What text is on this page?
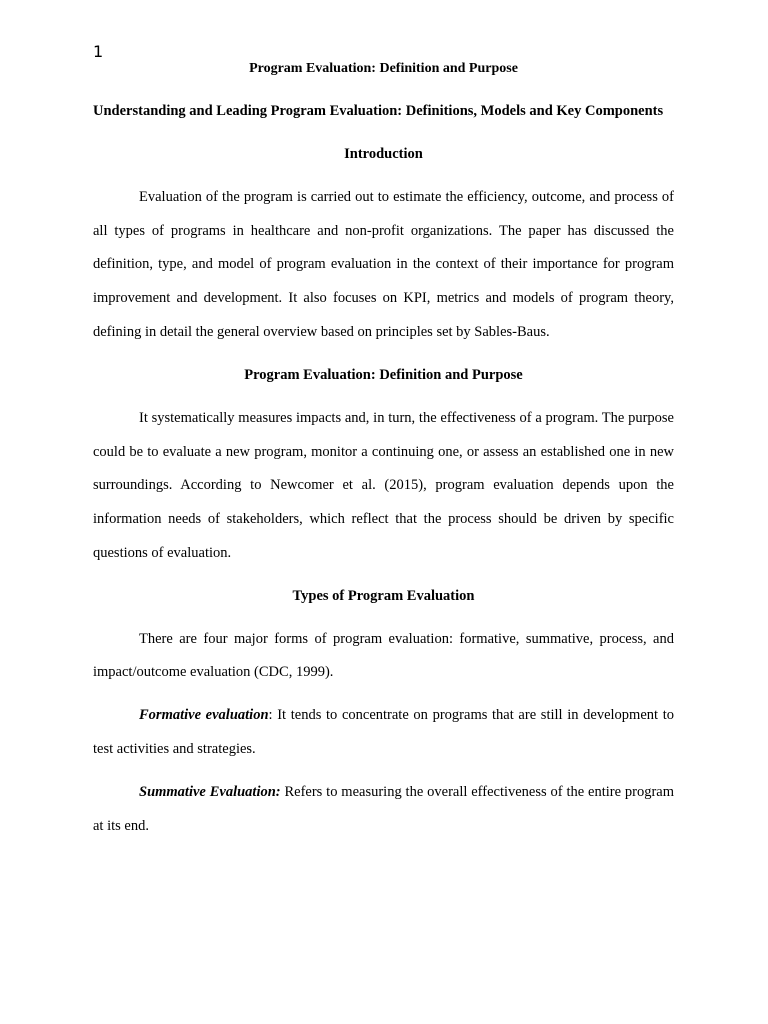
1
Program Evaluation: Definition and Purpose

Understanding and Leading Program Evaluation: Definitions, Models and Key Components

Introduction

Evaluation of the program is carried out to estimate the efficiency, outcome, and process of all types of programs in healthcare and non-profit organizations. The paper has discussed the definition, type, and model of program evaluation in the context of their importance for program improvement and development. It also focuses on KPI, metrics and models of program theory, defining in detail the general overview based on principles set by Sables-Baus.

Program Evaluation: Definition and Purpose

It systematically measures impacts and, in turn, the effectiveness of a program. The purpose could be to evaluate a new program, monitor a continuing one, or assess an established one in new surroundings. According to Newcomer et al. (2015), program evaluation depends upon the information needs of stakeholders, which reflect that the process should be driven by specific questions of evaluation.

Types of Program Evaluation

There are four major forms of program evaluation: formative, summative, process, and impact/outcome evaluation (CDC, 1999).

Formative evaluation: It tends to concentrate on programs that are still in development to test activities and strategies.

Summative Evaluation: Refers to measuring the overall effectiveness of the entire program at its end.
